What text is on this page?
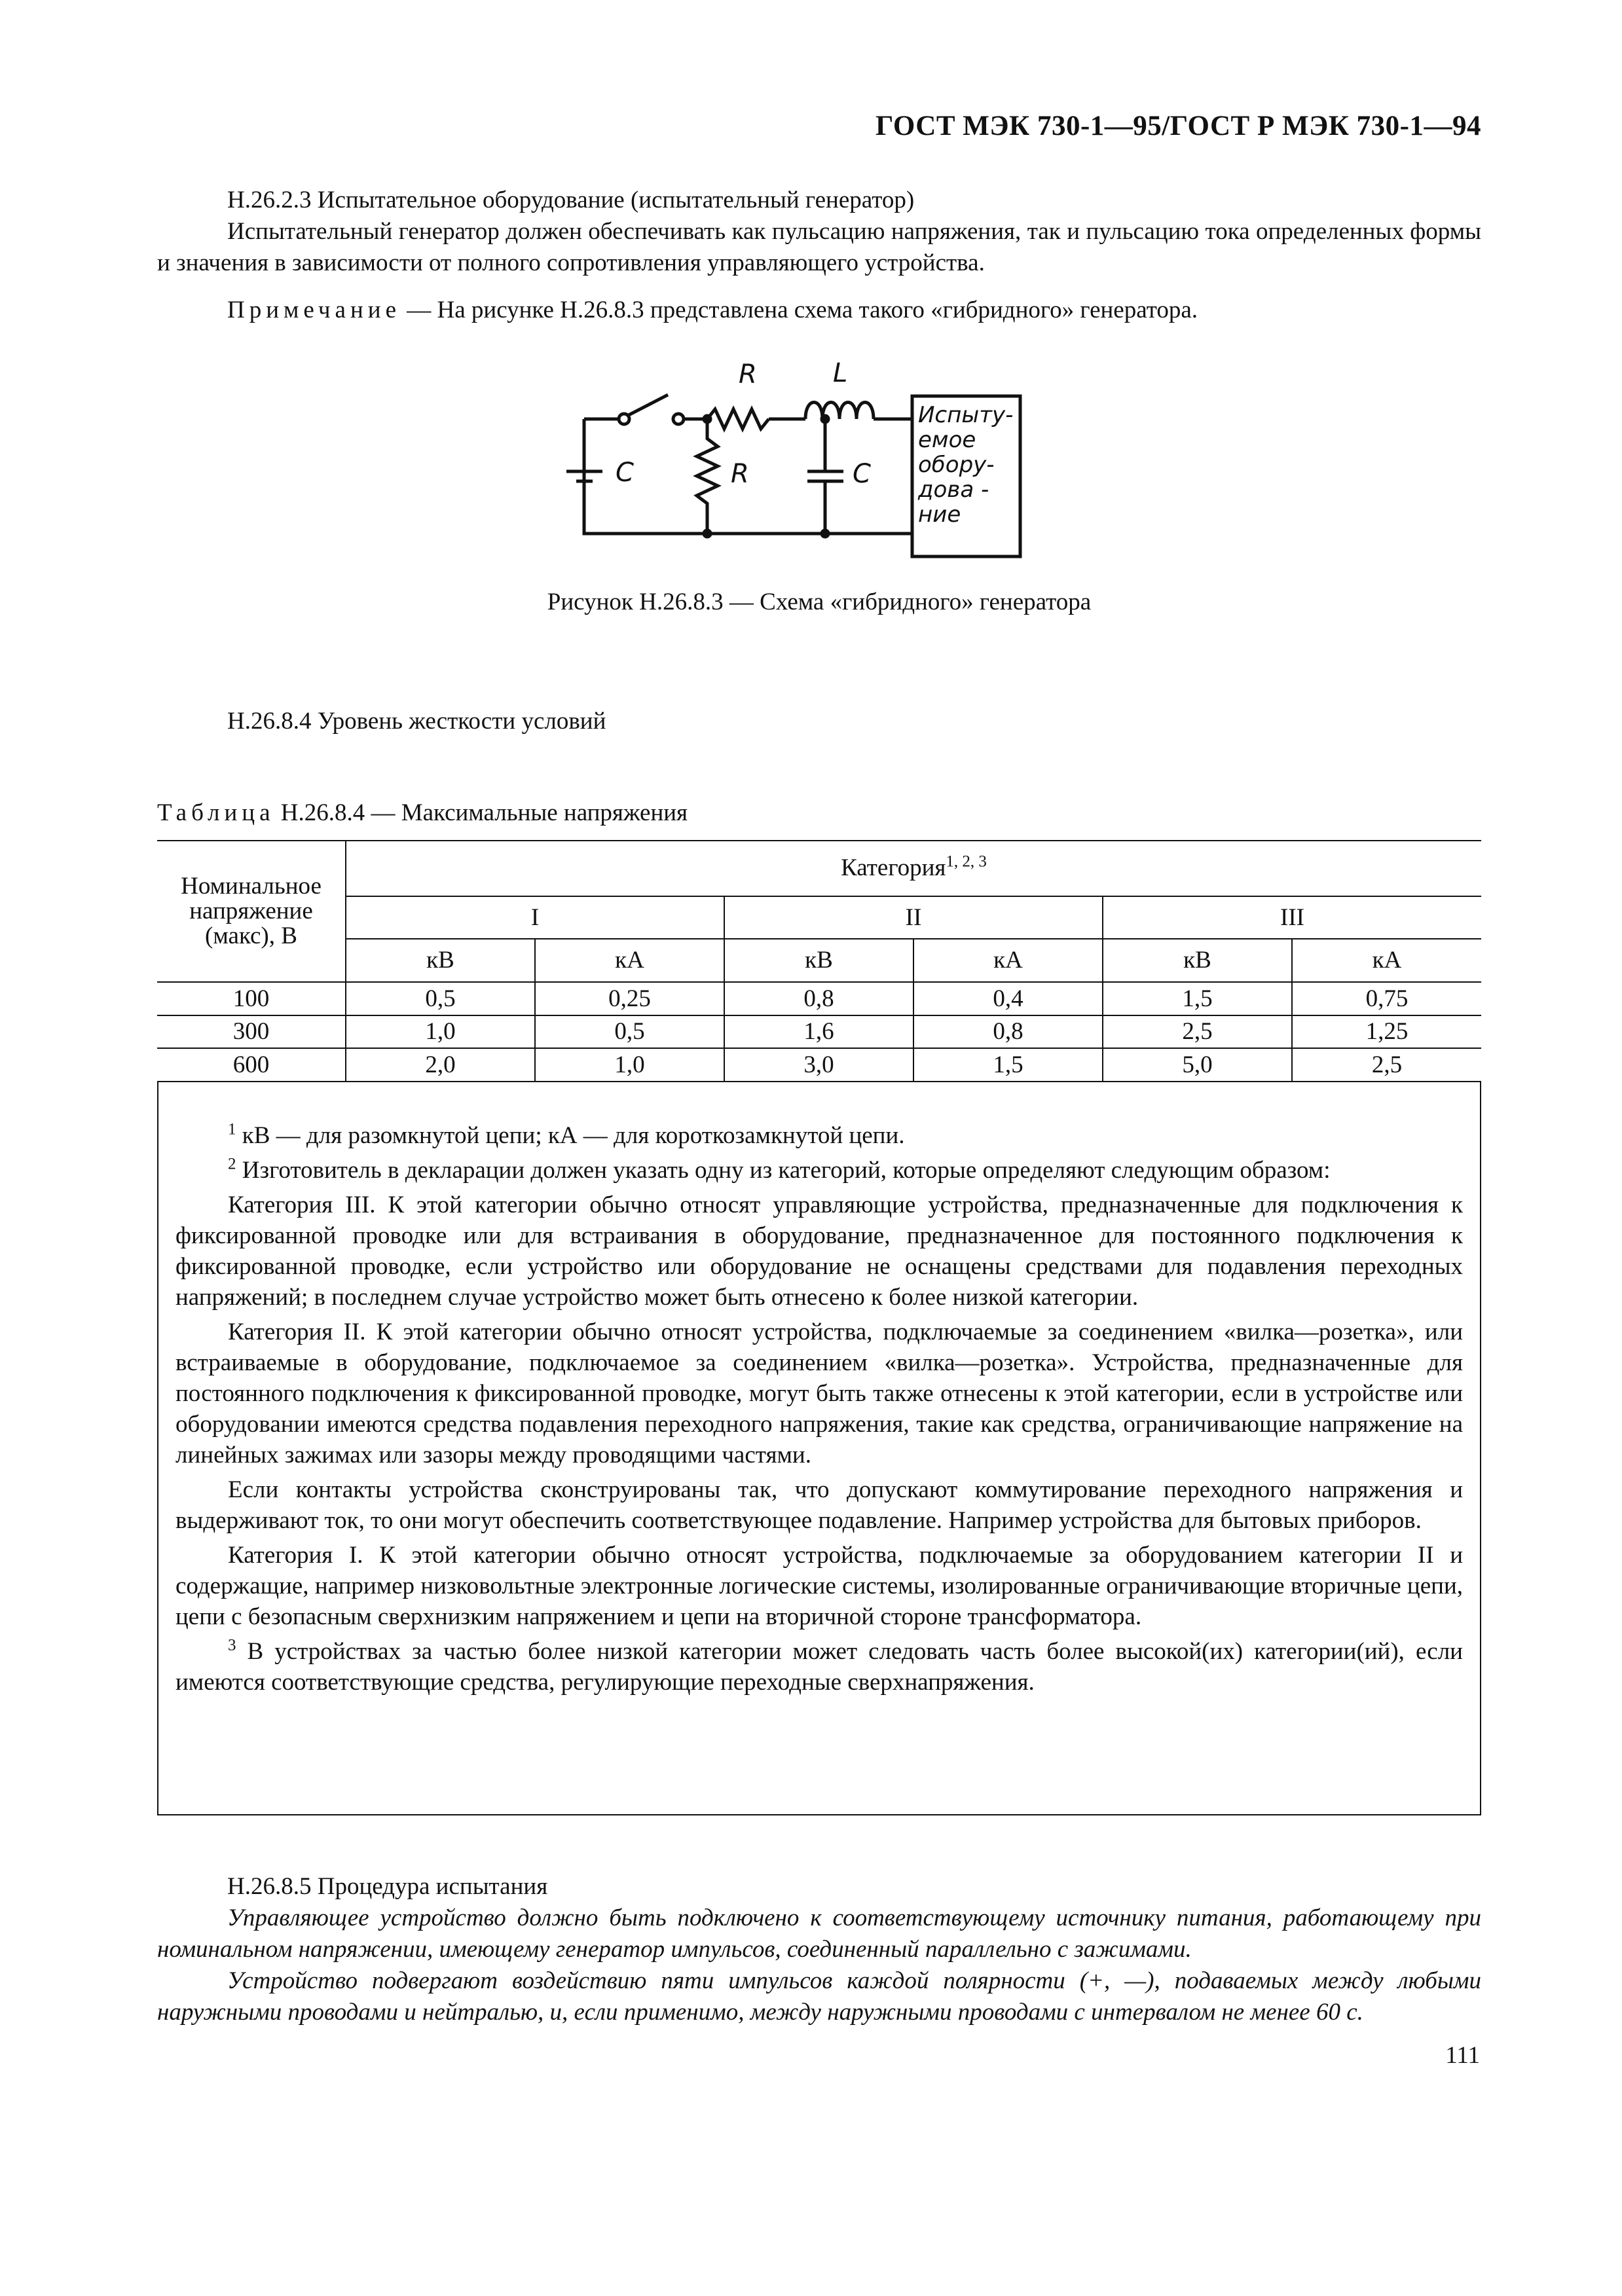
ГОСТ МЭК 730-1—95/ГОСТ Р МЭК 730-1—94
Н.26.2.3 Испытательное оборудование (испытательный генератор)
Испытательный генератор должен обеспечивать как пульсацию напряжения, так и пульсацию тока определенных формы и значения в зависимости от полного сопротивления управляющего устройства.
Примечание — На рисунке Н.26.8.3 представлена схема такого «гибридного» генератора.
R	L
C	R	C
Испыту-
емое
обору-
дова -
ние
Рисунок Н.26.8.3 — Схема «гибридного» генератора
Н.26.8.4 Уровень жесткости условий
Таблица Н.26.8.4 — Максимальные напряжения
Номинальное напряжение (макс), В	Категория$^{1, 2, 3}$
	I		II		III	
	кВ	кА	кВ	кА	кВ	кА
100	0,5	0,25	0,8	0,4	1,5	0,75
300	1,0	0,5	1,6	0,8	2,5	1,25
600	2,0	1,0	3,0	1,5	5,0	2,5

$^1$ кВ — для разомкнутой цепи; кА — для короткозамкнутой цепи.

$^2$ Изготовитель в декларации должен указать одну из категорий, которые определяют следующим образом:

Категория III. К этой категории обычно относят управляющие устройства, предназначенные для подключения к фиксированной проводке или для встраивания в оборудование, предназначенное для постоянного подключения к фиксированной проводке, если устройство или оборудование не оснащены средствами для подавления переходных напряжений; в последнем случае устройство может быть отнесено к более низкой категории.

Категория II. К этой категории обычно относят устройства, подключаемые за соединением «вилка—розетка», или встраиваемые в оборудование, подключаемое за соединением «вилка—розетка». Устройства, предназначенные для постоянного подключения к фиксированной проводке, могут быть также отнесены к этой категории, если в устройстве или оборудовании имеются средства подавления переходного напряжения, такие как средства, ограничивающие напряжение на линейных зажимах или зазоры между проводящими частями.

Если контакты устройства сконструированы так, что допускают коммутирование переходного напряжения и выдерживают ток, то они могут обеспечить соответствующее подавление. Например устройства для бытовых приборов.

Категория I. К этой категории обычно относят устройства, подключаемые за оборудованием категории II и содержащие, например низковольтные электронные логические системы, изолированные ограничивающие вторичные цепи, цепи с безопасным сверхнизким напряжением и цепи на вторичной стороне трансформатора.

$^3$ В устройствах за частью более низкой категории может следовать часть более высокой(их) категории(ий), если имеются соответствующие средства, регулирующие переходные сверхнапряжения.

Н.26.8.5 Процедура испытания
Управляющее устройство должно быть подключено к соответствующему источнику питания, работающему при номинальном напряжении, имеющему генератор импульсов, соединенный параллельно с зажимами.
Устройство подвергают воздействию пяти импульсов каждой полярности (+, —), подаваемых между любыми наружными проводами и нейтралью, и, если применимо, между наружными проводами с интервалом не менее 60 с.
111
